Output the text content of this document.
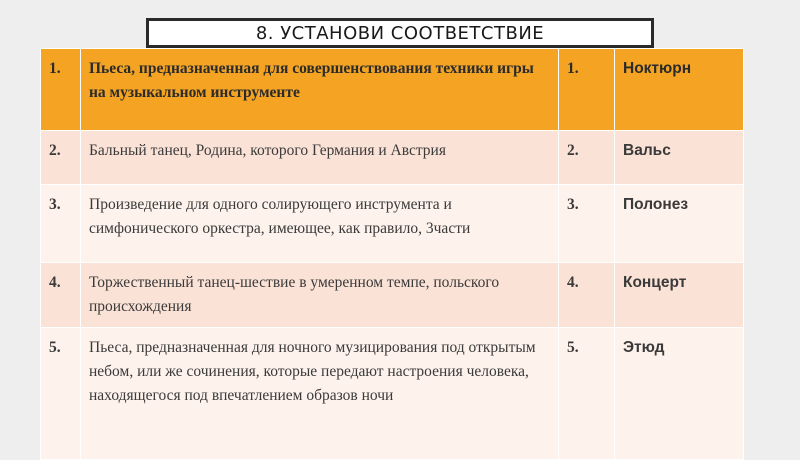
8. УСТАНОВИ СООТВЕТСТВИЕ
1.	Пьеса, предназначенная для совершенствования техники игры на музыкальном инструменте	1.	Ноктюрн
2.	Бальный танец, Родина, которого Германия и Австрия	2.	Вальс
3.	Произведение для одного солирующего инструмента и симфонического оркестра, имеющее, как правило, 3части	3.	Полонез
4.	Торжественный танец-шествие в умеренном темпе, польского происхождения	4.	Концерт
5.	Пьеса, предназначенная для ночного музицирования под открытым небом, или же сочинения, которые передают настроения человека, находящегося под впечатлением образов ночи	5.	Этюд
